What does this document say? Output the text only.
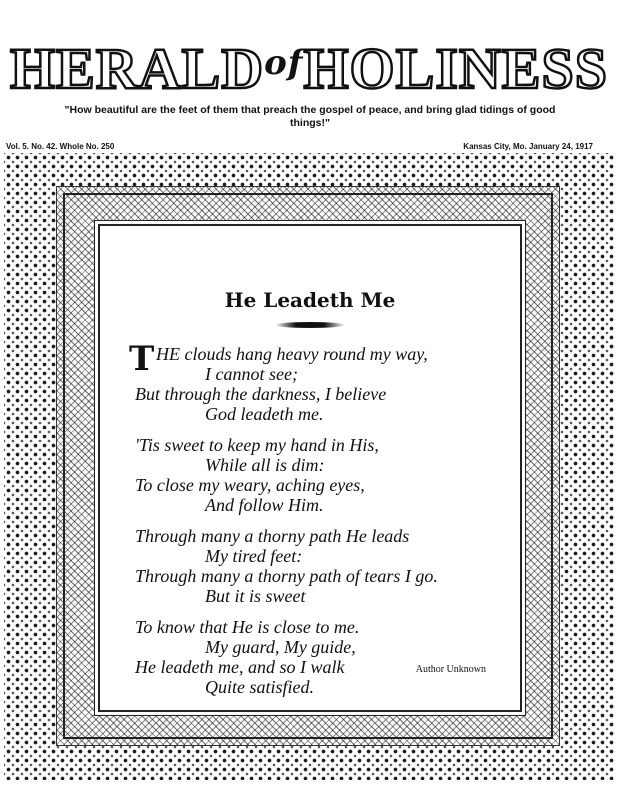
$HERALD^{of}HOLINESS$
"How beautiful are the feet of them that preach the gospel of peace, and bring glad tidings of good things!"
Vol. 5. No. 42. Whole No. 250	Kansas City, Mo. January 24, 1917
He Leadeth Me
THE clouds hang heavy round my way,
I cannot see;
But through the darkness, I believe
God leadeth me.
'Tis sweet to keep my hand in His,
While all is dim:
To close my weary, aching eyes,
And follow Him.
Through many a thorny path He leads
My tired feet:
Through many a thorny path of tears I go.
But it is sweet
To know that He is close to me.
My guard, My guide,
He leadeth me, and so I walk
Quite satisfied.
Author Unknown
